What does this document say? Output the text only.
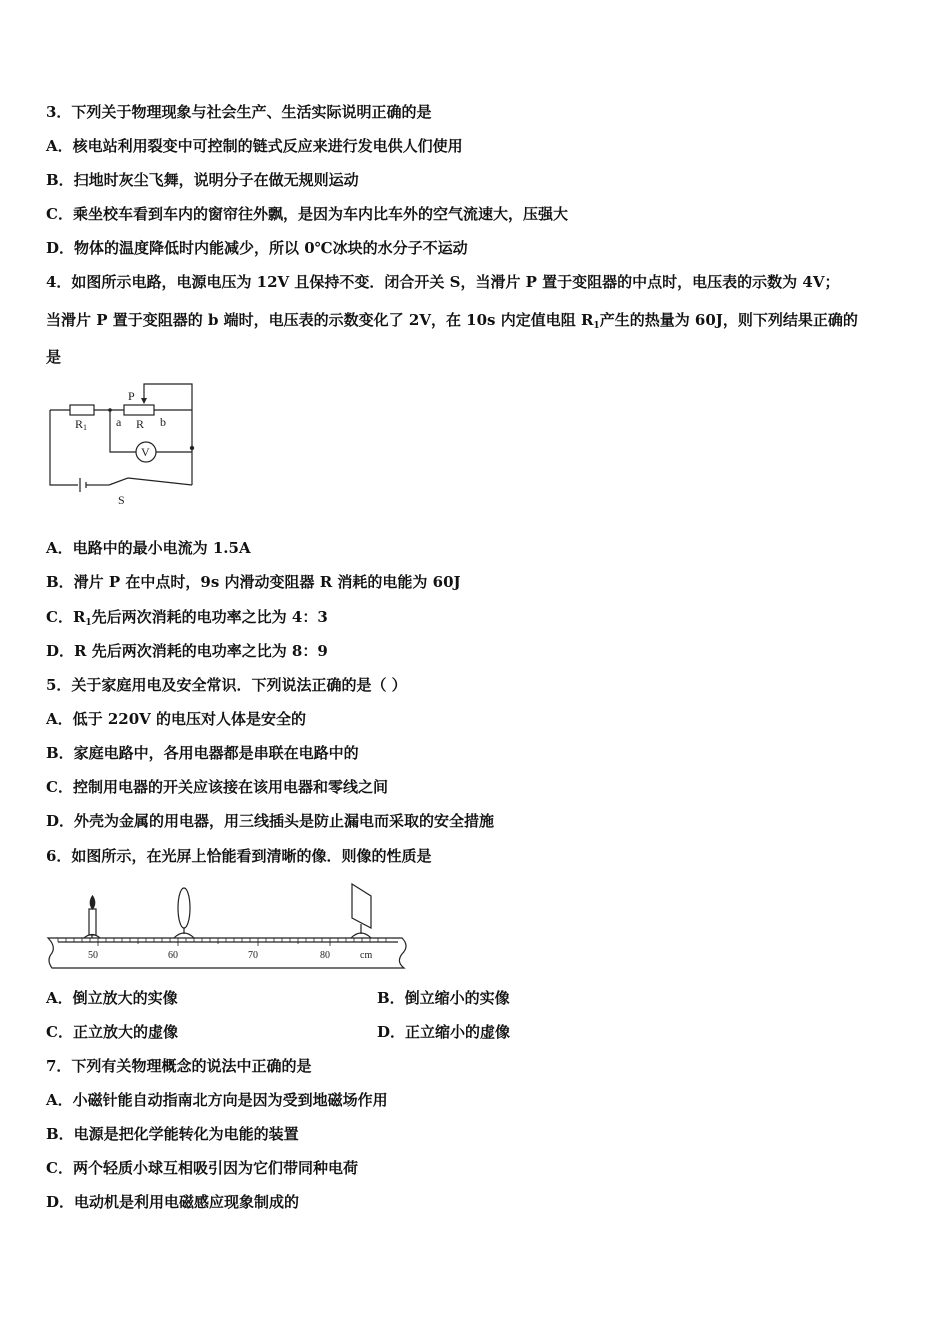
3．下列关于物理现象与社会生产、生活实际说明正确的是
A．核电站利用裂变中可控制的链式反应来进行发电供人们使用
B．扫地时灰尘飞舞，说明分子在做无规则运动
C．乘坐校车看到车内的窗帘往外飘，是因为车内比车外的空气流速大，压强大
D．物体的温度降低时内能减少，所以 0℃冰块的水分子不运动
4．如图所示电路，电源电压为 12V 且保持不变．闭合开关 S，当滑片 P 置于变阻器的中点时，电压表的示数为 4V；
当滑片 P 置于变阻器的 b 端时，电压表的示数变化了 2V，在 10s 内定值电阻 $R_1$产生的热量为 60J，则下列结果正确的
是
R1
P
a R b
V
S
A．电路中的最小电流为 1.5A
B．滑片 P 在中点时，9s 内滑动变阻器 R 消耗的电能为 60J
C．$R_1$先后两次消耗的电功率之比为 4：3
D．R 先后两次消耗的电功率之比为 8：9
5．关于家庭用电及安全常识．下列说法正确的是（ ）
A．低于 220V 的电压对人体是安全的
B．家庭电路中，各用电器都是串联在电路中的
C．控制用电器的开关应该接在该用电器和零线之间
D．外壳为金属的用电器，用三线插头是防止漏电而采取的安全措施
6．如图所示，在光屏上恰能看到清晰的像．则像的性质是
50	60	70	80	cm
A．倒立放大的实像	B．倒立缩小的实像
C．正立放大的虚像	D．正立缩小的虚像
7．下列有关物理概念的说法中正确的是
A．小磁针能自动指南北方向是因为受到地磁场作用
B．电源是把化学能转化为电能的装置
C．两个轻质小球互相吸引因为它们带同种电荷
D．电动机是利用电磁感应现象制成的
